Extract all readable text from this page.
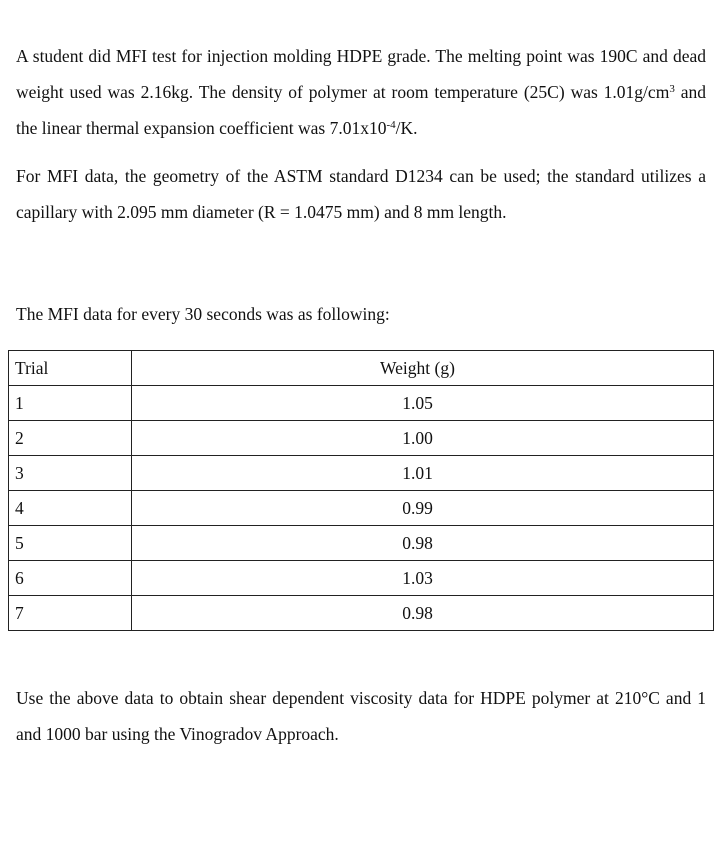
A student did MFI test for injection molding HDPE grade. The melting point was 190C and dead weight used was 2.16kg. The density of polymer at room temperature (25C) was $1.01g/cm^3$ and the linear thermal expansion coefficient was $7.01x10^{-4}/K$.

For MFI data, the geometry of the ASTM standard D1234 can be used; the standard utilizes a capillary with 2.095 mm diameter (R = 1.0475 mm) and 8 mm length.

The MFI data for every 30 seconds was as following:

Trial	Weight (g)
1	1.05
2	1.00
3	1.01
4	0.99
5	0.98
6	1.03
7	0.98

Use the above data to obtain shear dependent viscosity data for HDPE polymer at 210°C and 1 and 1000 bar using the Vinogradov Approach.
